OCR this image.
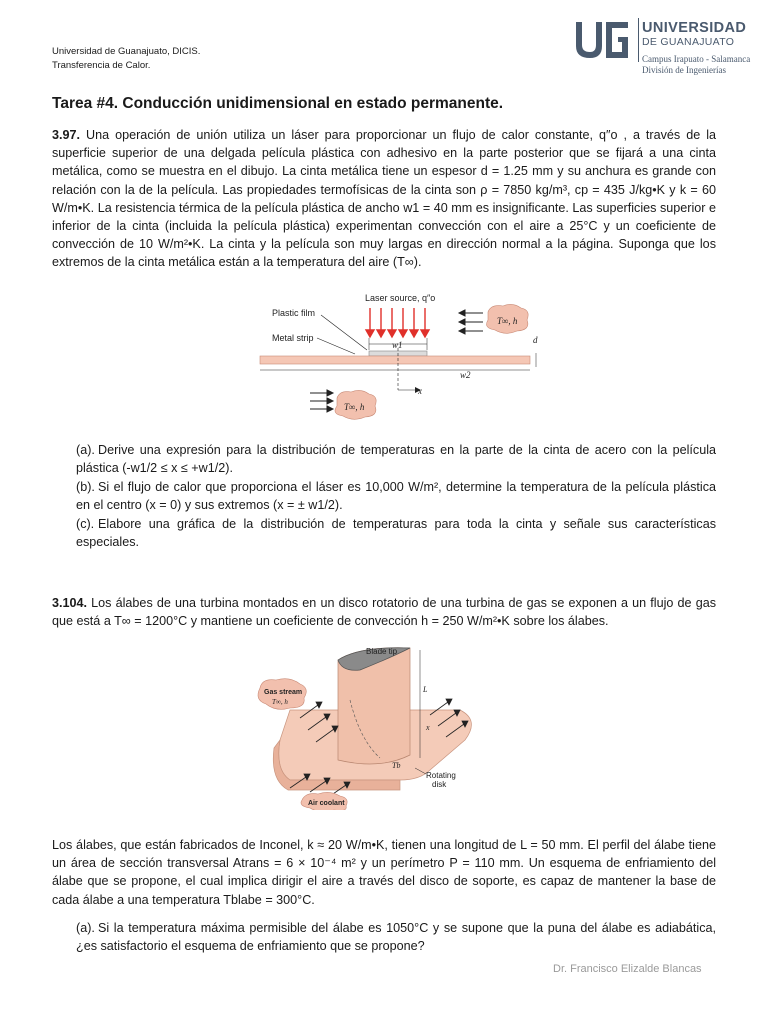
Universidad de Guanajuato, DICIS.
Transferencia de Calor.
UNIVERSIDAD
DE GUANAJUATO
Campus Irapuato - Salamanca
División de Ingenierías
Tarea #4. Conducción unidimensional en estado permanente.
3.97. Una operación de unión utiliza un láser para proporcionar un flujo de calor constante, q″o , a través de la superficie superior de una delgada película plástica con adhesivo en la parte posterior que se fijará a una cinta metálica, como se muestra en el dibujo. La cinta metálica tiene un espesor d = 1.25 mm y su anchura es grande con relación con la de la película. Las propiedades termofísicas de la cinta son ρ = 7850 kg/m³, cp = 435 J/kg•K y k = 60 W/m•K. La resistencia térmica de la película plástica de ancho w1 = 40 mm es insignificante. Las superficies superior e inferior de la cinta (incluida la película plástica) experimentan convección con el aire a 25°C y un coeficiente de convección de 10 W/m²•K. La cinta y la película son muy largas en dirección normal a la página. Suponga que los extremos de la cinta metálica están a la temperatura del aire (T∞).
Laser source, q″o
Plastic film
Metal strip
T∞, h
w1	d
w2
x
T∞, h
(a). Derive una expresión para la distribución de temperaturas en la parte de la cinta de acero con la película plástica (-w1/2 ≤ x ≤ +w1/2).
(b). Si el flujo de calor que proporciona el láser es 10,000 W/m², determine la temperatura de la película plástica en el centro (x = 0) y sus extremos (x = ± w1/2).
(c). Elabore una gráfica de la distribución de temperaturas para toda la cinta y señale sus características especiales.
3.104. Los álabes de una turbina montados en un disco rotatorio de una turbina de gas se exponen a un flujo de gas que está a T∞ = 1200°C y mantiene un coeficiente de convección h = 250 W/m²•K sobre los álabes.
Blade tip
L
x
Tb
Gas stream
T∞, h
Rotating
disk
Air coolant
Los álabes, que están fabricados de Inconel, k ≈ 20 W/m•K, tienen una longitud de L = 50 mm. El perfil del álabe tiene un área de sección transversal Atrans = 6 × 10⁻⁴ m² y un perímetro P = 110 mm. Un esquema de enfriamiento del álabe que se propone, el cual implica dirigir el aire a través del disco de soporte, es capaz de mantener la base de cada álabe a una temperatura Tblabe = 300°C.
(a). Si la temperatura máxima permisible del álabe es 1050°C y se supone que la puna del álabe es adiabática, ¿es satisfactorio el esquema de enfriamiento que se propone?
Dr. Francisco Elizalde Blancas
